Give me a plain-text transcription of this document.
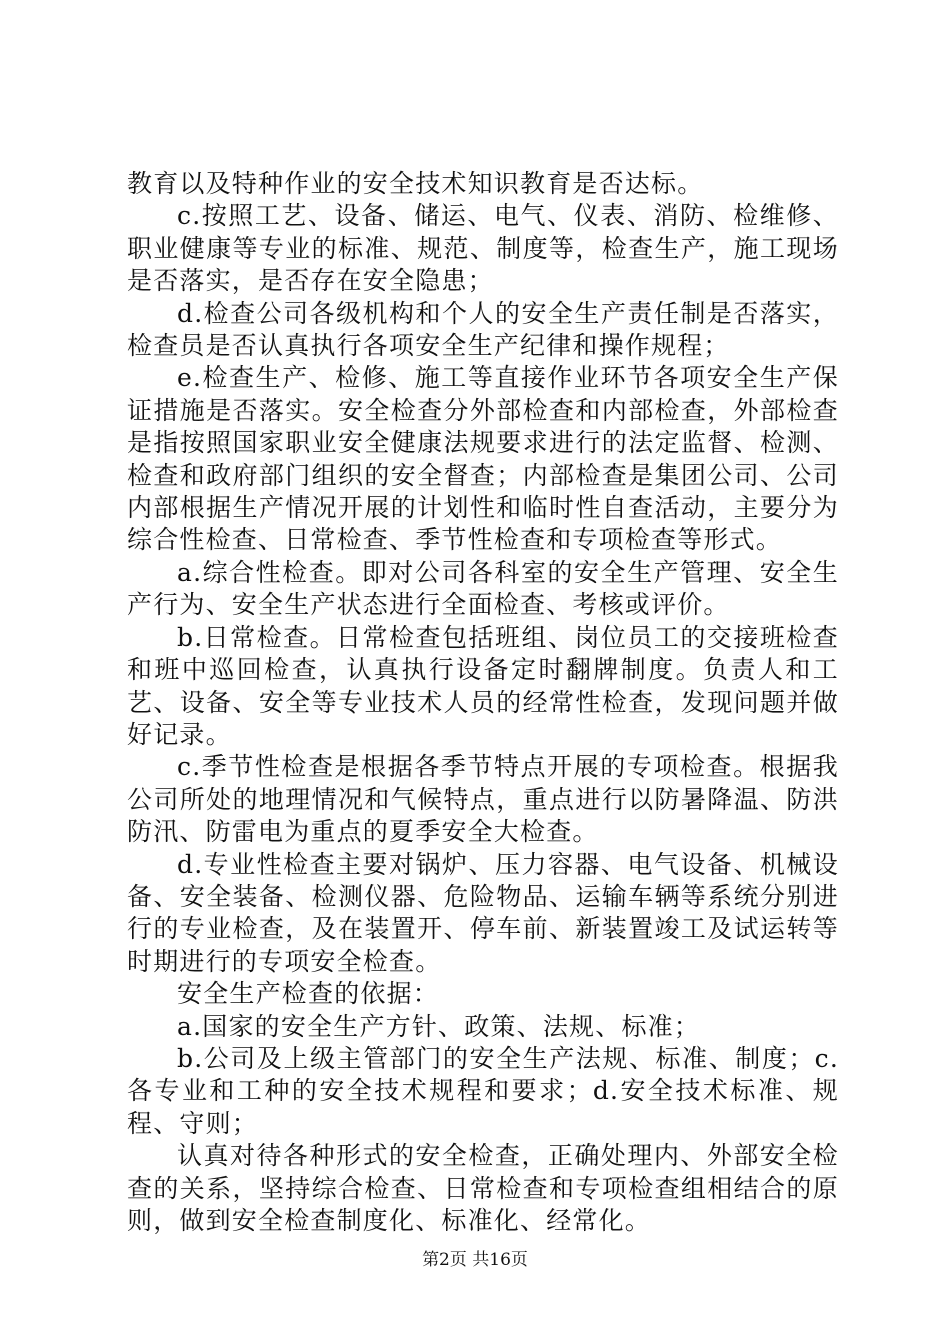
教育以及特种作业的安全技术知识教育是否达标。

c.按照工艺、设备、储运、电气、仪表、消防、检维修、职业健康等专业的标准、规范、制度等，检查生产，施工现场是否落实，是否存在安全隐患；

d.检查公司各级机构和个人的安全生产责任制是否落实，检查员是否认真执行各项安全生产纪律和操作规程；

e.检查生产、检修、施工等直接作业环节各项安全生产保证措施是否落实。安全检查分外部检查和内部检查，外部检查是指按照国家职业安全健康法规要求进行的法定监督、检测、检查和政府部门组织的安全督查；内部检查是集团公司、公司内部根据生产情况开展的计划性和临时性自查活动，主要分为综合性检查、日常检查、季节性检查和专项检查等形式。

a.综合性检查。即对公司各科室的安全生产管理、安全生产行为、安全生产状态进行全面检查、考核或评价。

b.日常检查。日常检查包括班组、岗位员工的交接班检查和班中巡回检查，认真执行设备定时翻牌制度。负责人和工艺、设备、安全等专业技术人员的经常性检查，发现问题并做好记录。

c.季节性检查是根据各季节特点开展的专项检查。根据我公司所处的地理情况和气候特点，重点进行以防暑降温、防洪防汛、防雷电为重点的夏季安全大检查。

d.专业性检查主要对锅炉、压力容器、电气设备、机械设备、安全装备、检测仪器、危险物品、运输车辆等系统分别进行的专业检查，及在装置开、停车前、新装置竣工及试运转等时期进行的专项安全检查。

安全生产检查的依据：

a.国家的安全生产方针、政策、法规、标准；

b.公司及上级主管部门的安全生产法规、标准、制度；c.各专业和工种的安全技术规程和要求；d.安全技术标准、规程、守则；

认真对待各种形式的安全检查，正确处理内、外部安全检查的关系，坚持综合检查、日常检查和专项检查组相结合的原则，做到安全检查制度化、标准化、经常化。

第2页 共16页
